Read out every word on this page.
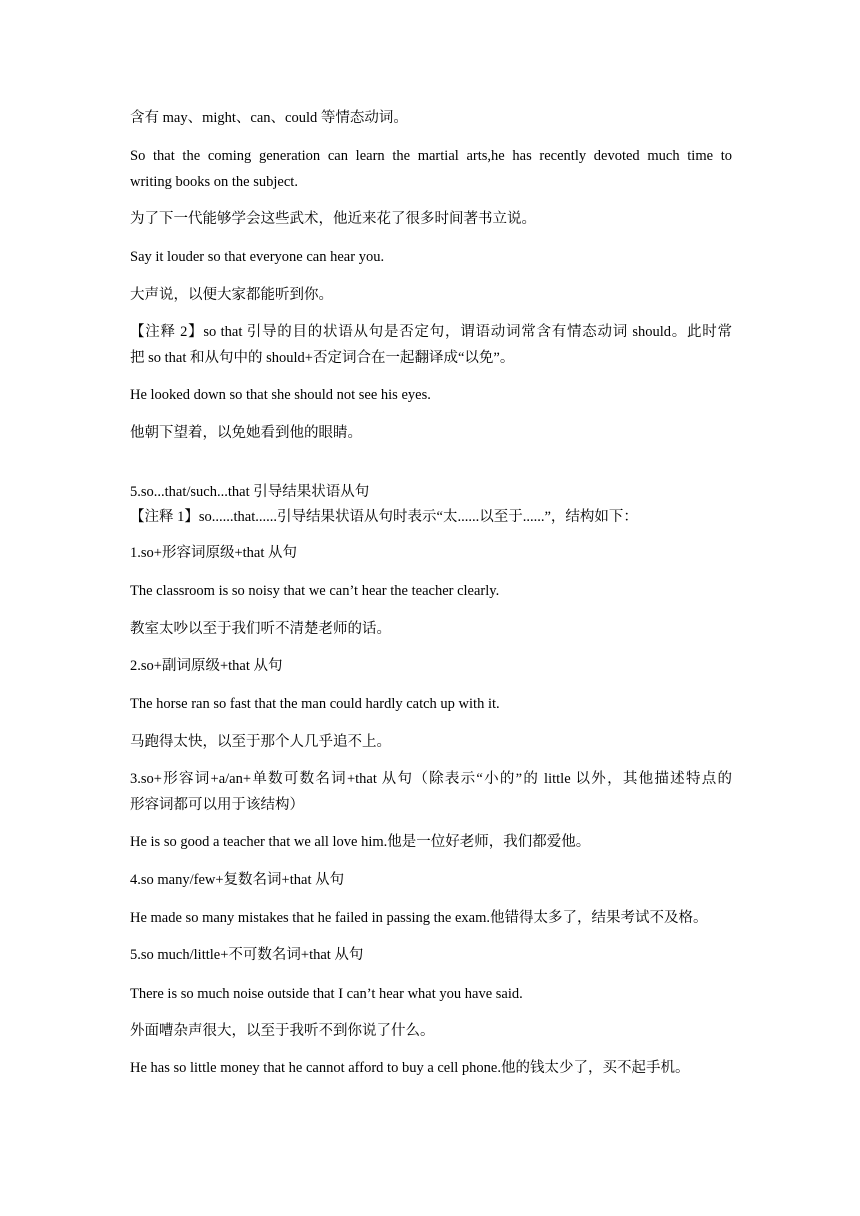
含有 may、might、can、could 等情态动词。
So that the coming generation can learn the martial arts,he has recently devoted much time to
writing books on the subject.
为了下一代能够学会这些武术，他近来花了很多时间著书立说。
Say it louder so that everyone can hear you.
大声说，以便大家都能听到你。
【注释 2】so that 引导的目的状语从句是否定句，谓语动词常含有情态动词 should。此时常
把 so that 和从句中的 should+否定词合在一起翻译成“以免”。
He looked down so that she should not see his eyes.
他朝下望着，以免她看到他的眼睛。
5.so...that/such...that 引导结果状语从句
【注释 1】so......that......引导结果状语从句时表示“太......以至于......”，结构如下：
1.so+形容词原级+that 从句
The classroom is so noisy that we can’t hear the teacher clearly.
教室太吵以至于我们听不清楚老师的话。
2.so+副词原级+that 从句
The horse ran so fast that the man could hardly catch up with it.
马跑得太快，以至于那个人几乎追不上。
3.so+形容词+a/an+单数可数名词+that 从句（除表示“小的”的 little 以外，其他描述特点的
形容词都可以用于该结构）
He is so good a teacher that we all love him.他是一位好老师，我们都爱他。
4.so many/few+复数名词+that 从句
He made so many mistakes that he failed in passing the exam.他错得太多了，结果考试不及格。
5.so much/little+不可数名词+that 从句
There is so much noise outside that I can’t hear what you have said.
外面嘈杂声很大，以至于我听不到你说了什么。
He has so little money that he cannot afford to buy a cell phone.他的钱太少了，买不起手机。
